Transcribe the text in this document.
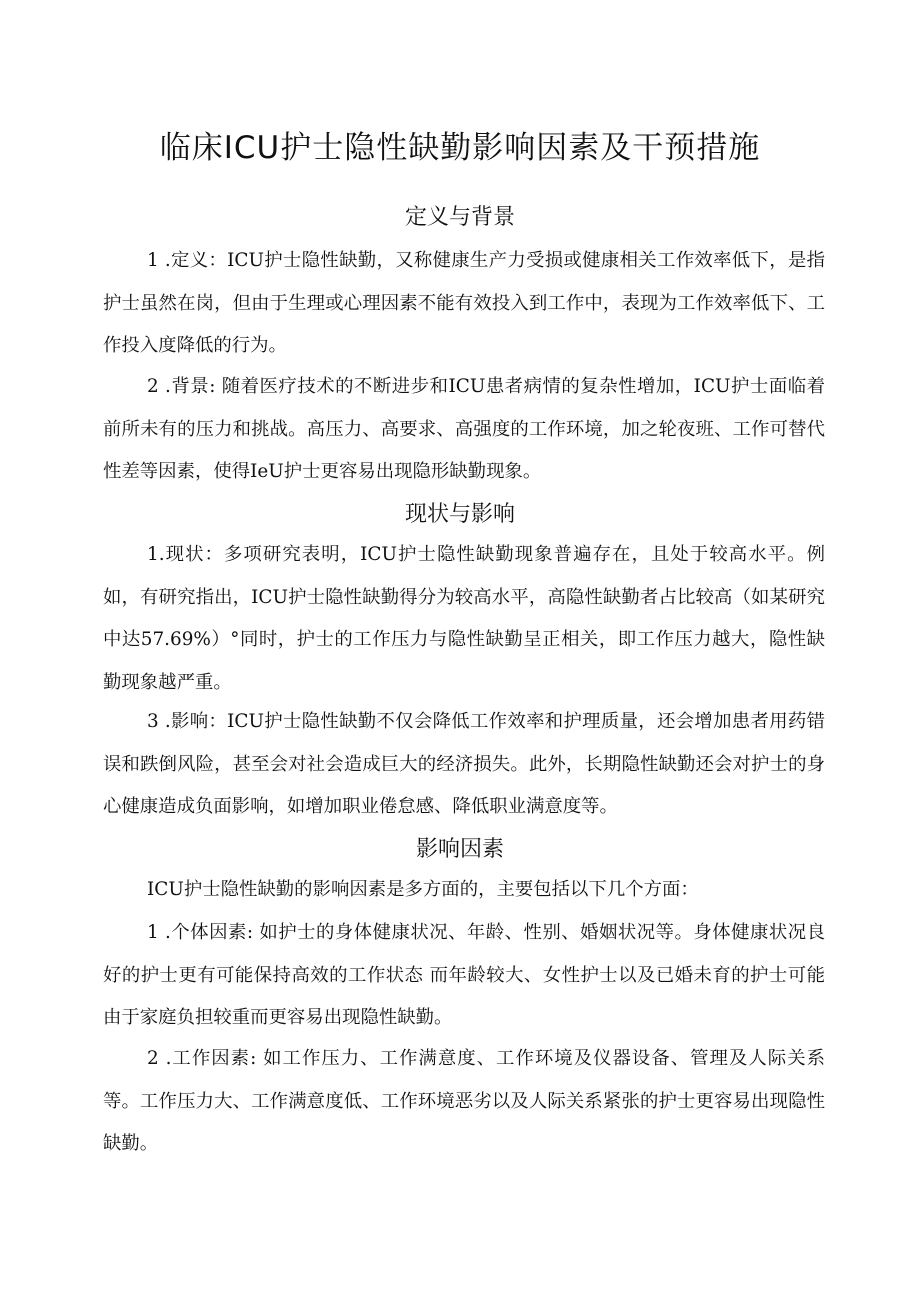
临床ICU护士隐性缺勤影响因素及干预措施
定义与背景

1 .定义：ICU护士隐性缺勤，又称健康生产力受损或健康相关工作效率低下，是指护士虽然在岗，但由于生理或心理因素不能有效投入到工作中，表现为工作效率低下、工作投入度降低的行为。

2 .背景: 随着医疗技术的不断进步和ICU患者病情的复杂性增加，ICU护士面临着前所未有的压力和挑战。高压力、高要求、高强度的工作环境，加之轮夜班、工作可替代性差等因素，使得IeU护士更容易出现隐形缺勤现象。

现状与影响

1.现状：多项研究表明，ICU护士隐性缺勤现象普遍存在，且处于较高水平。例如，有研究指出，ICU护士隐性缺勤得分为较高水平，高隐性缺勤者占比较高（如某研究中达57.69%）°同时，护士的工作压力与隐性缺勤呈正相关，即工作压力越大，隐性缺勤现象越严重。

3 .影响：ICU护士隐性缺勤不仅会降低工作效率和护理质量，还会增加患者用药错误和跌倒风险，甚至会对社会造成巨大的经济损失。此外，长期隐性缺勤还会对护士的身心健康造成负面影响，如增加职业倦怠感、降低职业满意度等。

影响因素

ICU护士隐性缺勤的影响因素是多方面的，主要包括以下几个方面：

1 .个体因素: 如护士的身体健康状况、年龄、性别、婚姻状况等。身体健康状况良好的护士更有可能保持高效的工作状态 而年龄较大、女性护士以及已婚未育的护士可能由于家庭负担较重而更容易出现隐性缺勤。

2 .工作因素: 如工作压力、工作满意度、工作环境及仪器设备、管理及人际关系等。工作压力大、工作满意度低、工作环境恶劣以及人际关系紧张的护士更容易出现隐性缺勤。
